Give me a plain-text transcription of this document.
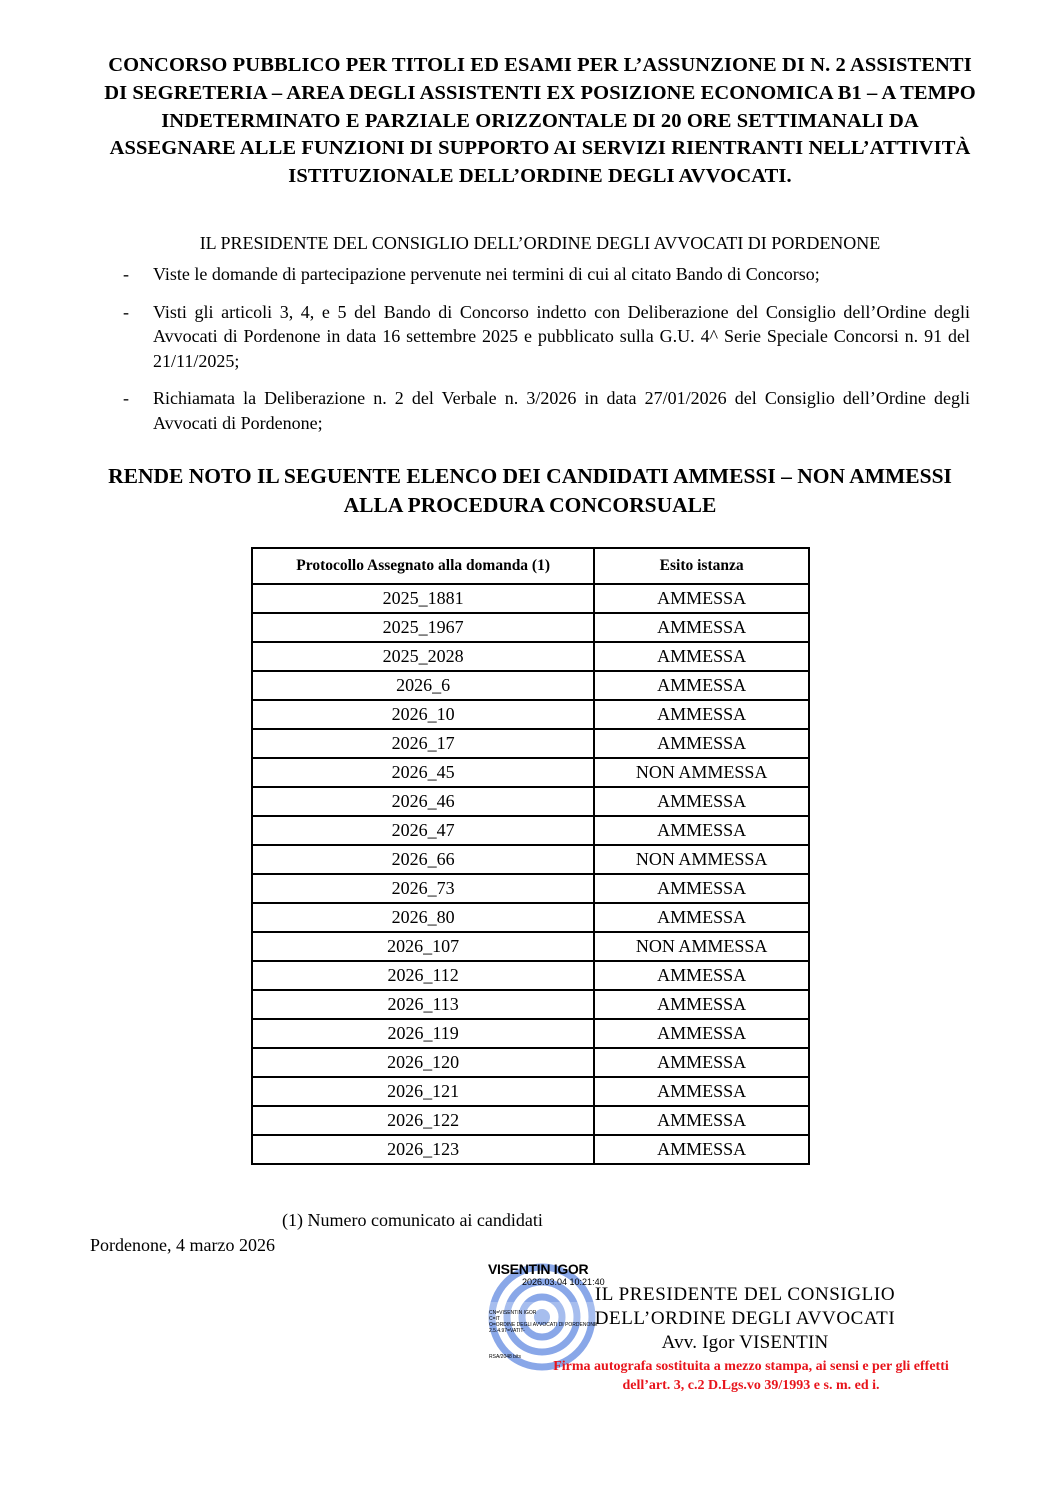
CONCORSO PUBBLICO PER TITOLI ED ESAMI PER L’ASSUNZIONE DI N. 2 ASSISTENTI DI SEGRETERIA – AREA DEGLI ASSISTENTI EX POSIZIONE ECONOMICA B1 – A TEMPO INDETERMINATO E PARZIALE ORIZZONTALE DI 20 ORE SETTIMANALI DA ASSEGNARE ALLE FUNZIONI DI SUPPORTO AI SERVIZI RIENTRANTI NELL’ATTIVITÀ ISTITUZIONALE DELL’ORDINE DEGLI AVVOCATI.
IL PRESIDENTE DEL CONSIGLIO DELL’ORDINE DEGLI AVVOCATI DI PORDENONE
- Viste le domande di partecipazione pervenute nei termini di cui al citato Bando di Concorso;
- Visti gli articoli 3, 4, e 5 del Bando di Concorso indetto con Deliberazione del Consiglio dell’Ordine degli Avvocati di Pordenone in data 16 settembre 2025 e pubblicato sulla G.U. 4^ Serie Speciale Concorsi n. 91 del 21/11/2025;
- Richiamata la Deliberazione n. 2 del Verbale n. 3/2026 in data 27/01/2026 del Consiglio dell’Ordine degli Avvocati di Pordenone;
RENDE NOTO IL SEGUENTE ELENCO DEI CANDIDATI AMMESSI – NON AMMESSI ALLA PROCEDURA CONCORSUALE
Protocollo Assegnato alla domanda (1)	Esito istanza
2025_1881	AMMESSA
2025_1967	AMMESSA
2025_2028	AMMESSA
2026_6	AMMESSA
2026_10	AMMESSA
2026_17	AMMESSA
2026_45	NON AMMESSA
2026_46	AMMESSA
2026_47	AMMESSA
2026_66	NON AMMESSA
2026_73	AMMESSA
2026_80	AMMESSA
2026_107	NON AMMESSA
2026_112	AMMESSA
2026_113	AMMESSA
2026_119	AMMESSA
2026_120	AMMESSA
2026_121	AMMESSA
2026_122	AMMESSA
2026_123	AMMESSA
(1) Numero comunicato ai candidati
Pordenone, 4 marzo 2026
VISENTIN IGOR
2026.03.04 10:21:40
CN=VISENTIN IGOR
C=IT
O=ORDINE DEGLI AVVOCATI DI PORDENONE
2.5.4.97=VATIT-
RSA/2048 bits
IL PRESIDENTE DEL CONSIGLIO
DELL’ORDINE DEGLI AVVOCATI
Avv. Igor VISENTIN
Firma autografa sostituita a mezzo stampa, ai sensi e per gli effetti
dell’art. 3, c.2 D.Lgs.vo 39/1993 e s. m. ed i.
